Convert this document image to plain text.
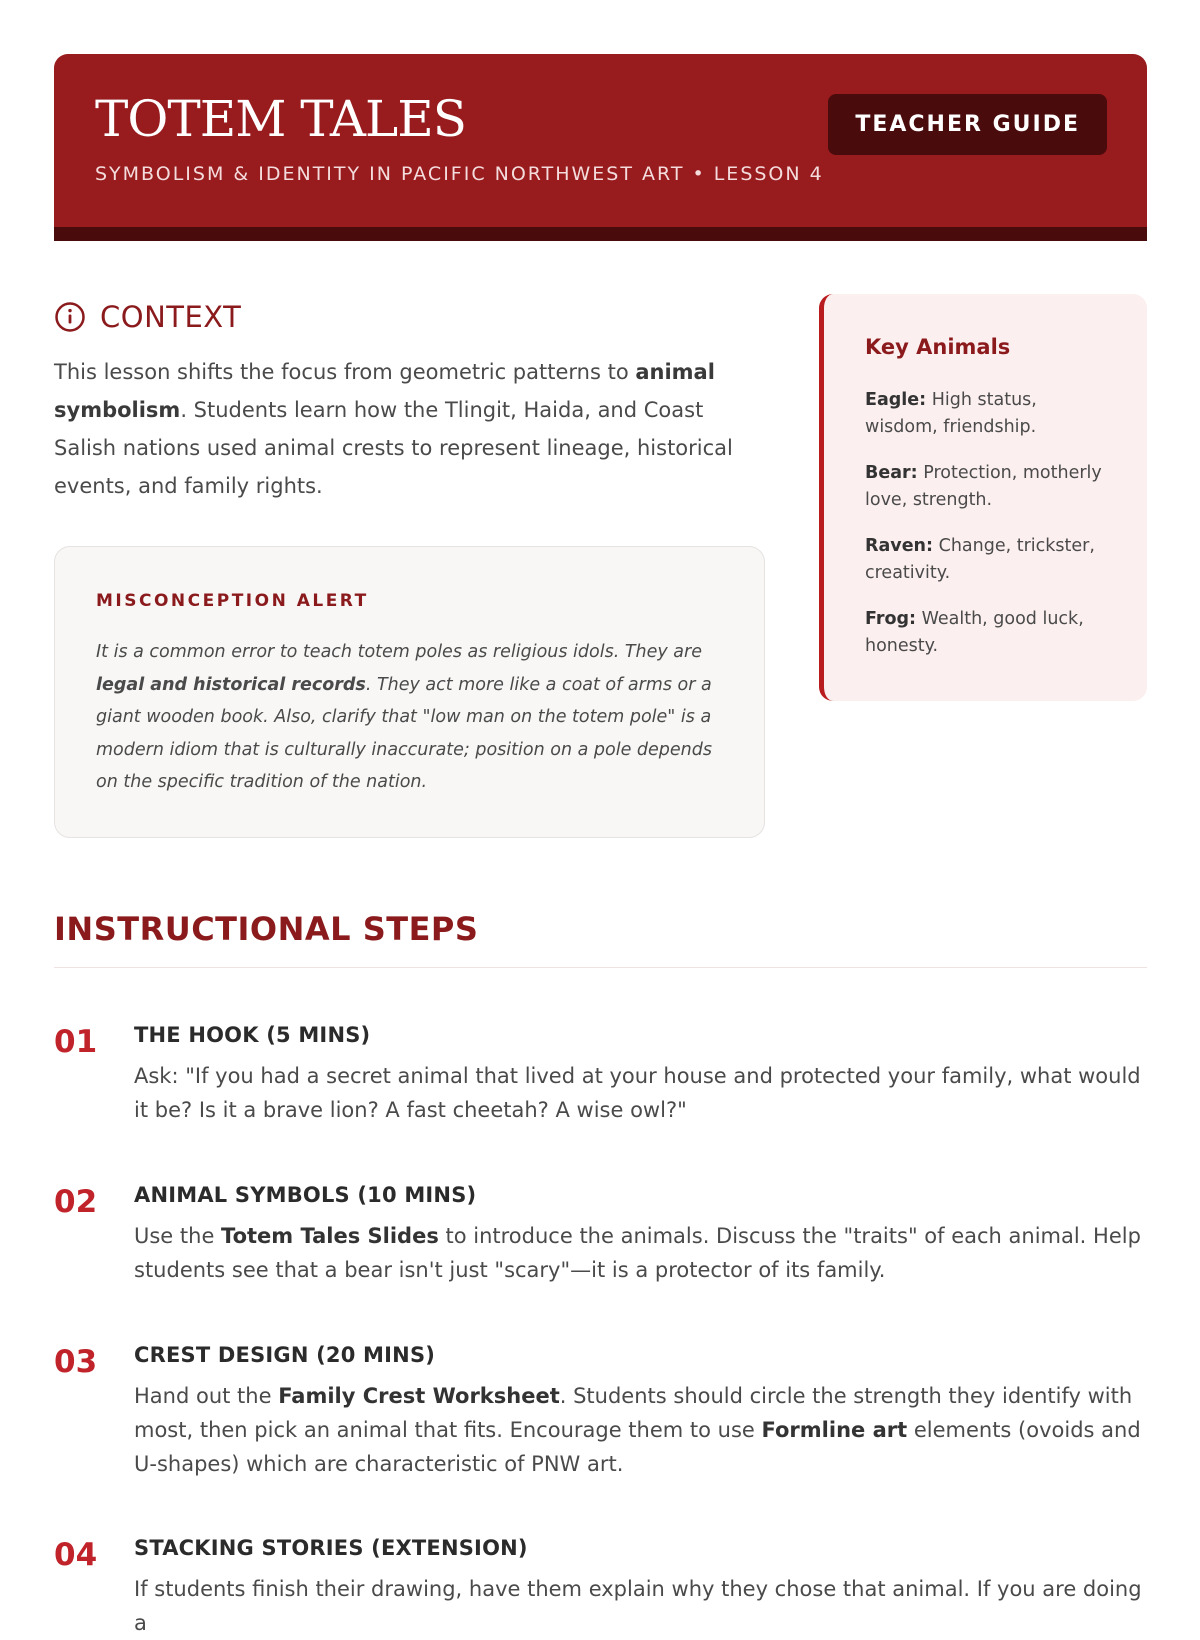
TOTEM TALES
SYMBOLISM & IDENTITY IN PACIFIC NORTHWEST ART • LESSON 4
TEACHER GUIDE
CONTEXT

This lesson shifts the focus from geometric patterns to animal symbolism. Students learn how the Tlingit, Haida, and Coast Salish nations used animal crests to represent lineage, historical events, and family rights.

MISCONCEPTION ALERT

It is a common error to teach totem poles as religious idols. They are legal and historical records. They act more like a coat of arms or a giant wooden book. Also, clarify that "low man on the totem pole" is a modern idiom that is culturally inaccurate; position on a pole depends on the specific tradition of the nation.

Key Animals
Eagle: High status, wisdom, friendship.
Bear: Protection, motherly love, strength.
Raven: Change, trickster, creativity.
Frog: Wealth, good luck, honesty.
INSTRUCTIONAL STEPS
01 THE HOOK (5 MINS)

Ask: "If you had a secret animal that lived at your house and protected your family, what would it be? Is it a brave lion? A fast cheetah? A wise owl?"

02 ANIMAL SYMBOLS (10 MINS)

Use the Totem Tales Slides to introduce the animals. Discuss the "traits" of each animal. Help students see that a bear isn't just "scary"—it is a protector of its family.

03 CREST DESIGN (20 MINS)

Hand out the Family Crest Worksheet. Students should circle the strength they identify with most, then pick an animal that fits. Encourage them to use Formline art elements (ovoids and U-shapes) which are characteristic of PNW art.

04 STACKING STORIES (EXTENSION)

If students finish their drawing, have them explain why they chose that animal. If you are doing a
